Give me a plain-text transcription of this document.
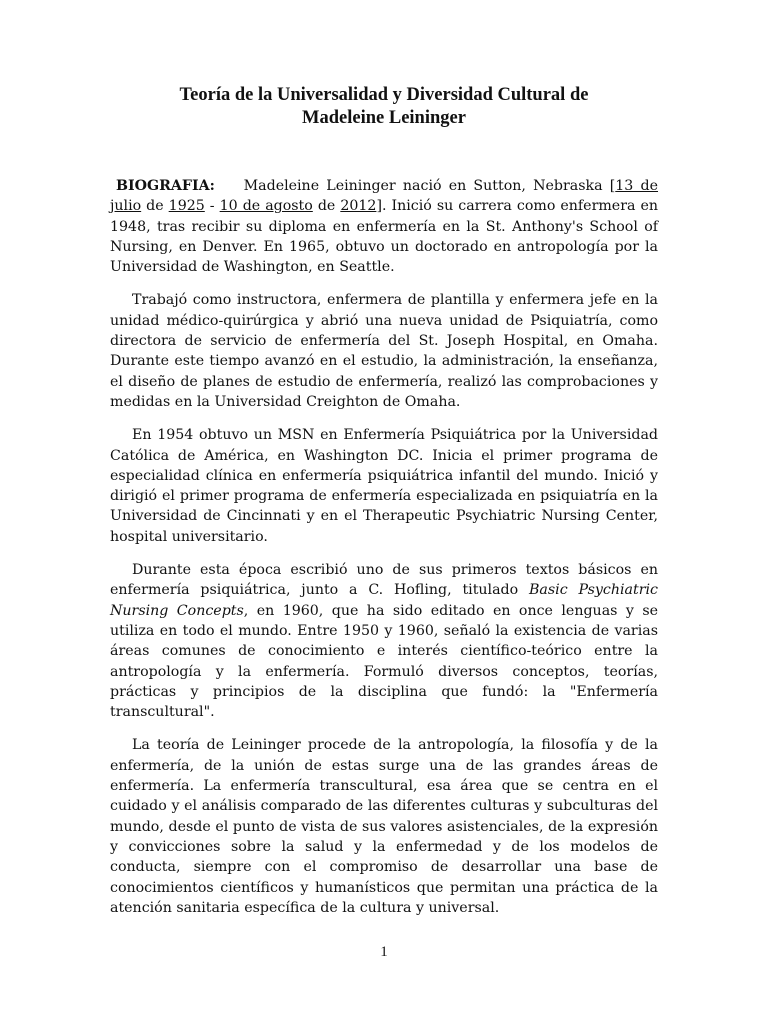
Teoría de la Universalidad y Diversidad Cultural de
Madeleine Leininger

BIOGRAFIA: Madeleine Leininger nació en Sutton, Nebraska [13 de julio de 1925 - 10 de agosto de 2012]. Inició su carrera como enfermera en 1948, tras recibir su diploma en enfermería en la St. Anthony's School of Nursing, en Denver. En 1965, obtuvo un doctorado en antropología por la Universidad de Washington, en Seattle.

Trabajó como instructora, enfermera de plantilla y enfermera jefe en la unidad médico-quirúrgica y abrió una nueva unidad de Psiquiatría, como directora de servicio de enfermería del St. Joseph Hospital, en Omaha. Durante este tiempo avanzó en el estudio, la administración, la enseñanza, el diseño de planes de estudio de enfermería, realizó las comprobaciones y medidas en la Universidad Creighton de Omaha.

En 1954 obtuvo un MSN en Enfermería Psiquiátrica por la Universidad Católica de América, en Washington DC. Inicia el primer programa de especialidad clínica en enfermería psiquiátrica infantil del mundo. Inició y dirigió el primer programa de enfermería especializada en psiquiatría en la Universidad de Cincinnati y en el Therapeutic Psychiatric Nursing Center, hospital universitario.

Durante esta época escribió uno de sus primeros textos básicos en enfermería psiquiátrica, junto a C. Hofling, titulado Basic Psychiatric Nursing Concepts, en 1960, que ha sido editado en once lenguas y se utiliza en todo el mundo. Entre 1950 y 1960, señaló la existencia de varias áreas comunes de conocimiento e interés científico-teórico entre la antropología y la enfermería. Formuló diversos conceptos, teorías, prácticas y principios de la disciplina que fundó: la "Enfermería transcultural".

La teoría de Leininger procede de la antropología, la filosofía y de la enfermería, de la unión de estas surge una de las grandes áreas de enfermería. La enfermería transcultural, esa área que se centra en el cuidado y el análisis comparado de las diferentes culturas y subculturas del mundo, desde el punto de vista de sus valores asistenciales, de la expresión y convicciones sobre la salud y la enfermedad y de los modelos de conducta, siempre con el compromiso de desarrollar una base de conocimientos científicos y humanísticos que permitan una práctica de la atención sanitaria específica de la cultura y universal.

1
